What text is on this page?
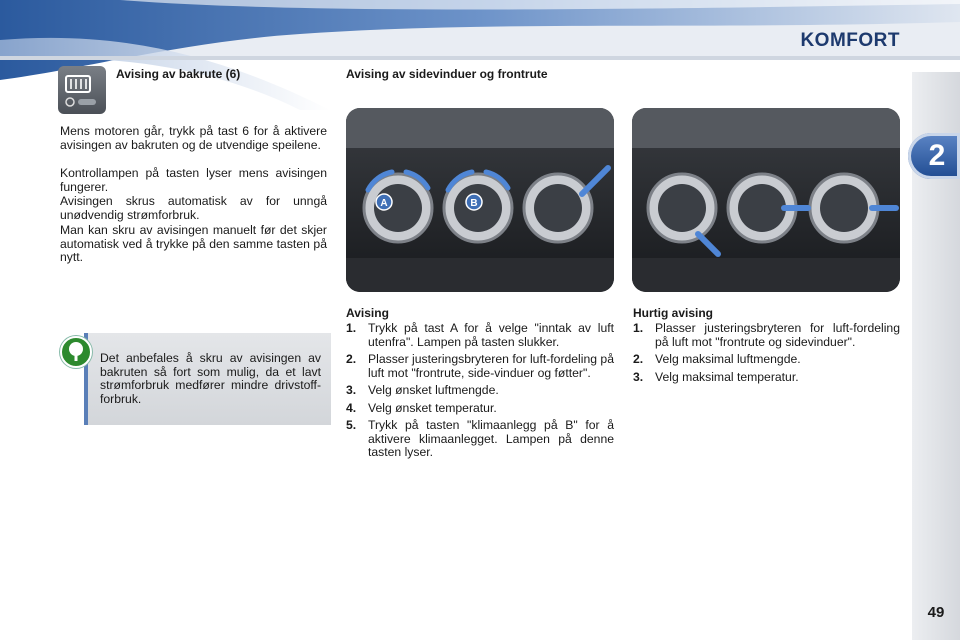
KOMFORT
2
49
Avising av bakrute (6)

Mens motoren går, trykk på tast 6 for å aktivere avisingen av bakruten og de utvendige speilene.

Kontrollampen på tasten lyser mens avisingen fungerer.

Avisingen skrus automatisk av for unngå unødvendig strømforbruk.

Man kan skru av avisingen manuelt før det skjer automatisk ved å trykke på den samme tasten på nytt.

Det anbefales å skru av avisingen av bakruten så fort som mulig, da et lavt strømforbruk medfører mindre drivstoff-forbruk.

Avising av sidevinduer og frontrute
A	B
Avising
1. Trykk på tast A for å velge "inntak av luft utenfra". Lampen på tasten slukker.
2. Plasser justeringsbryteren for luft-fordeling på luft mot "frontrute, side-vinduer og føtter".
3. Velg ønsket luftmengde.
4. Velg ønsket temperatur.
5. Trykk på tasten "klimaanlegg på B" for å aktivere klimaanlegget. Lampen på denne tasten lyser.
Hurtig avising
1. Plasser justeringsbryteren for luft-fordeling på luft mot "frontrute og sidevinduer".
2. Velg maksimal luftmengde.
3. Velg maksimal temperatur.
